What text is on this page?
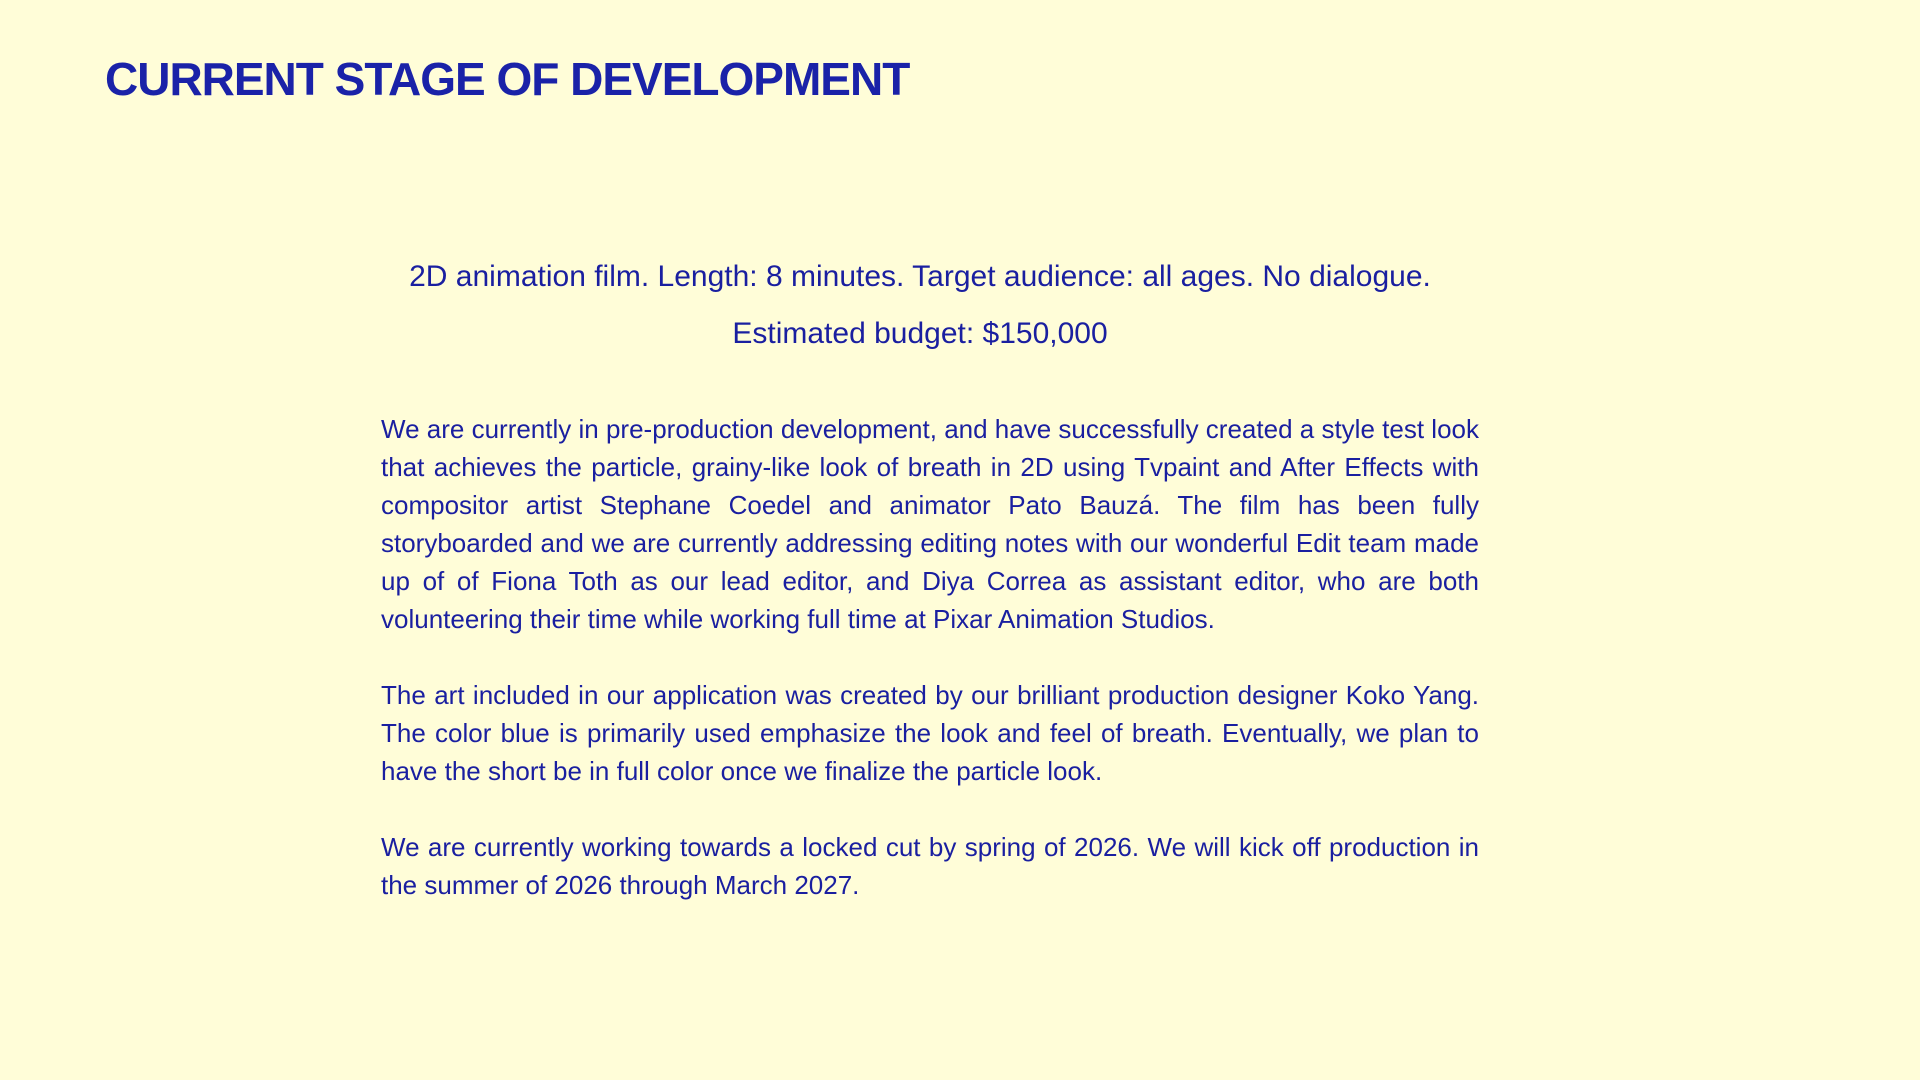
CURRENT STAGE OF DEVELOPMENT

2D animation film. Length: 8 minutes. Target audience: all ages. No dialogue.

Estimated budget: $150,000

We are currently in pre-production development, and have successfully created a style test look that achieves the particle, grainy-like look of breath in 2D using Tvpaint and After Effects with compositor artist Stephane Coedel and animator Pato Bauzá. The film has been fully storyboarded and we are currently addressing editing notes with our wonderful Edit team made up of of Fiona Toth as our lead editor, and Diya Correa as assistant editor, who are both volunteering their time while working full time at Pixar Animation Studios.

The art included in our application was created by our brilliant production designer Koko Yang. The color blue is primarily used emphasize the look and feel of breath. Eventually, we plan to have the short be in full color once we finalize the particle look.

We are currently working towards a locked cut by spring of 2026. We will kick off production in the summer of 2026 through March 2027.
